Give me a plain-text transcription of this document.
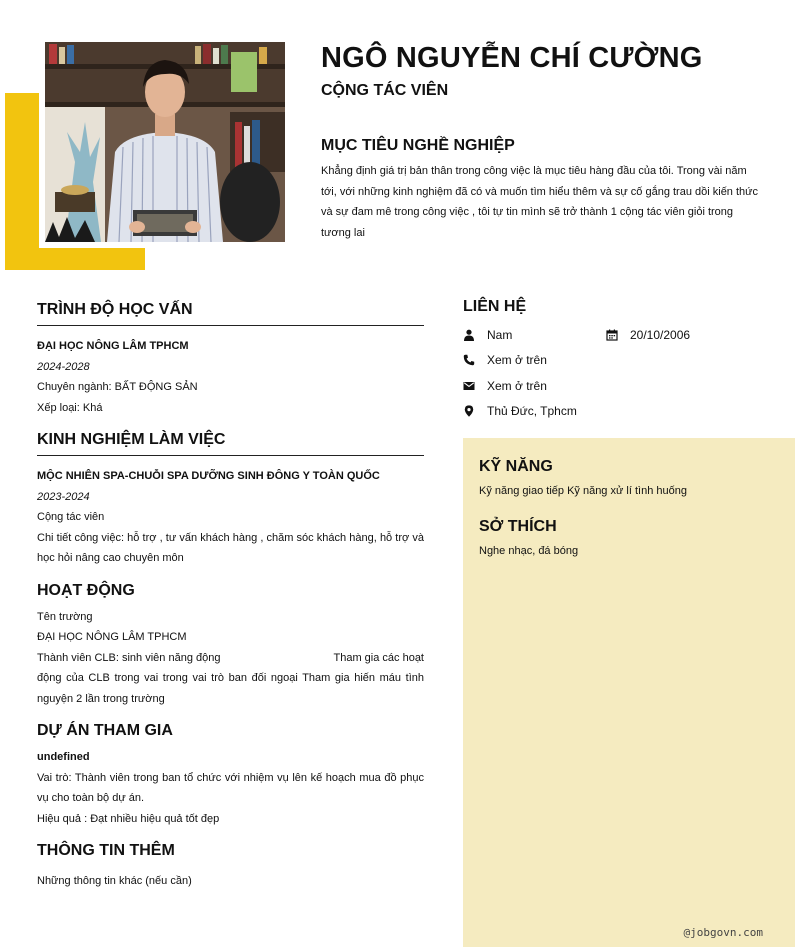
NGÔ NGUYỄN CHÍ CƯỜNG
CỘNG TÁC VIÊN
MỤC TIÊU NGHỀ NGHIỆP
Khẳng định giá trị bản thân trong công việc là mục tiêu hàng đầu của tôi. Trong vài năm tới, với những kinh nghiệm đã có và muốn tìm hiểu thêm và sự cố gắng trau dồi kiến thức và sự đam mê trong công việc , tôi tự tin mình sẽ trở thành 1 cộng tác viên giỏi trong tương lai
TRÌNH ĐỘ HỌC VẤN
ĐẠI HỌC NÔNG LÂM TPHCM
2024-2028
Chuyên ngành: BẤT ĐỘNG SẢN
Xếp loại: Khá
KINH NGHIỆM LÀM VIỆC
MỘC NHIÊN SPA-CHUỖI SPA DƯỠNG SINH ĐÔNG Y TOÀN QUỐC
2023-2024
Cộng tác viên
Chi tiết công việc: hỗ trợ , tư vấn khách hàng , chăm sóc khách hàng, hỗ trợ và học hỏi nâng cao chuyên môn
HOẠT ĐỘNG
Tên trường
ĐẠI HỌC NÔNG LÂM TPHCM
Thành viên CLB: sinh viên năng động	Tham gia các hoạt
động của CLB trong vai trong vai trò ban đối ngoại Tham gia hiến máu tình nguyện 2 lần trong trường
DỰ ÁN THAM GIA
undefined
Vai trò: Thành viên trong ban tổ chức với nhiệm vụ lên kế hoạch mua đồ phục vụ cho toàn bộ dự án.
Hiệu quả : Đạt nhiều hiệu quả tốt đẹp
THÔNG TIN THÊM
Những thông tin khác (nếu cần)
LIÊN HỆ
Nam	20/10/2006
Xem ở trên
Xem ở trên
Thủ Đức, Tphcm
KỸ NĂNG
Kỹ năng giao tiếp Kỹ năng xử lí tình huống
SỞ THÍCH
Nghe nhạc, đá bóng
@jobgovn.com
